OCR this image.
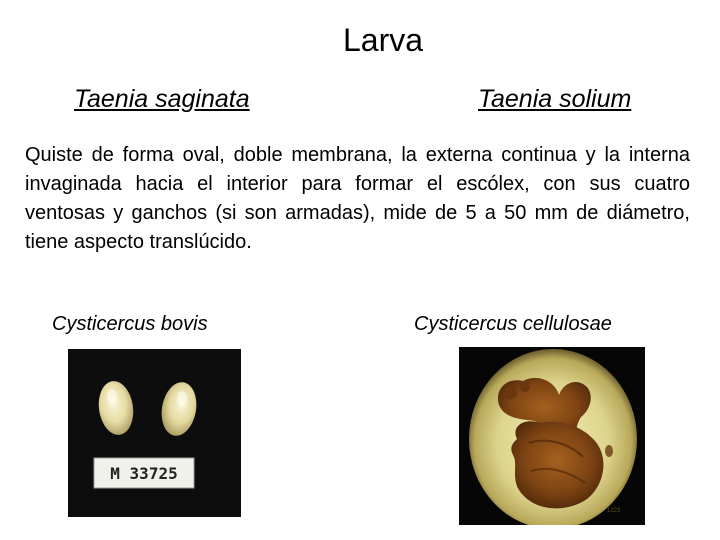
Larva
Taenia saginata	Taenia solium
Quiste de forma oval, doble membrana, la externa continua y la interna invaginada hacia el interior para formar el escólex, con sus cuatro ventosas y ganchos (si son armadas), mide de 5 a 50 mm de diámetro, tiene aspecto translúcido.
Cysticercus bovis	Cysticercus cellulosae
M 33725
1223
